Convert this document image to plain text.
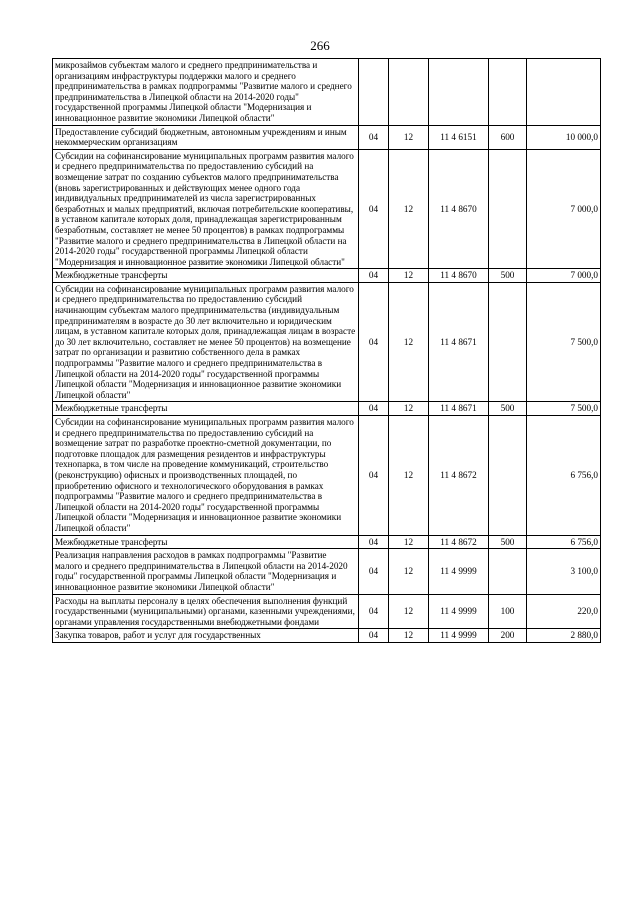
266
микрозаймов субъектам малого и среднего предпринимательства и организациям инфраструктуры поддержки малого и среднего предпринимательства в рамках подпрограммы "Развитие малого и среднего предпринимательства в Липецкой области на 2014-2020 годы" государственной программы Липецкой области "Модернизация и инновационное развитие экономики Липецкой области"					
Предоставление субсидий бюджетным, автономным учреждениям и иным некоммерческим организациям	04	12	11 4 6151	600	10 000,0
Субсидии на софинансирование муниципальных программ развития малого и среднего предпринимательства по предоставлению субсидий на возмещение затрат по созданию субъектов малого предпринимательства (вновь зарегистрированных и действующих менее одного года индивидуальных предпринимателей из числа зарегистрированных безработных и малых предприятий, включая потребительские кооперативы, в уставном капитале которых доля, принадлежащая зарегистрированным безработным, составляет не менее 50 процентов) в рамках подпрограммы "Развитие малого и среднего предпринимательства в Липецкой области на 2014-2020 годы" государственной программы Липецкой области "Модернизация и инновационное развитие экономики Липецкой области"	04	12	11 4 8670		7 000,0
Межбюджетные трансферты	04	12	11 4 8670	500	7 000,0
Субсидии на софинансирование муниципальных программ развития малого и среднего предпринимательства по предоставлению субсидий начинающим субъектам малого предпринимательства (индивидуальным предпринимателям в возрасте до 30 лет включительно и юридическим лицам, в уставном капитале которых доля, принадлежащая лицам в возрасте до 30 лет включительно, составляет не менее 50 процентов) на возмещение затрат по организации и развитию собственного дела в рамках подпрограммы "Развитие малого и среднего предпринимательства в Липецкой области на 2014-2020 годы" государственной программы Липецкой области "Модернизация и инновационное развитие экономики Липецкой области"	04	12	11 4 8671		7 500,0
Межбюджетные трансферты	04	12	11 4 8671	500	7 500,0
Субсидии на софинансирование муниципальных программ развития малого и среднего предпринимательства по предоставлению субсидий на возмещение затрат по разработке проектно-сметной документации, по подготовке площадок для размещения резидентов и инфраструктуры технопарка, в том числе на проведение коммуникаций, строительство (реконструкцию) офисных и производственных площадей, по приобретению офисного и технологического оборудования в рамках подпрограммы "Развитие малого и среднего предпринимательства в Липецкой области на 2014-2020 годы" государственной программы Липецкой области "Модернизация и инновационное развитие экономики Липецкой области"	04	12	11 4 8672		6 756,0
Межбюджетные трансферты	04	12	11 4 8672	500	6 756,0
Реализация направления расходов в рамках подпрограммы "Развитие малого и среднего предпринимательства в Липецкой области на 2014-2020 годы" государственной программы Липецкой области "Модернизация и инновационное развитие экономики Липецкой области"	04	12	11 4 9999		3 100,0
Расходы на выплаты персоналу в целях обеспечения выполнения функций государственными (муниципальными) органами, казенными учреждениями, органами управления государственными внебюджетными фондами	04	12	11 4 9999	100	220,0
Закупка товаров, работ и услуг для государственных	04	12	11 4 9999	200	2 880,0
